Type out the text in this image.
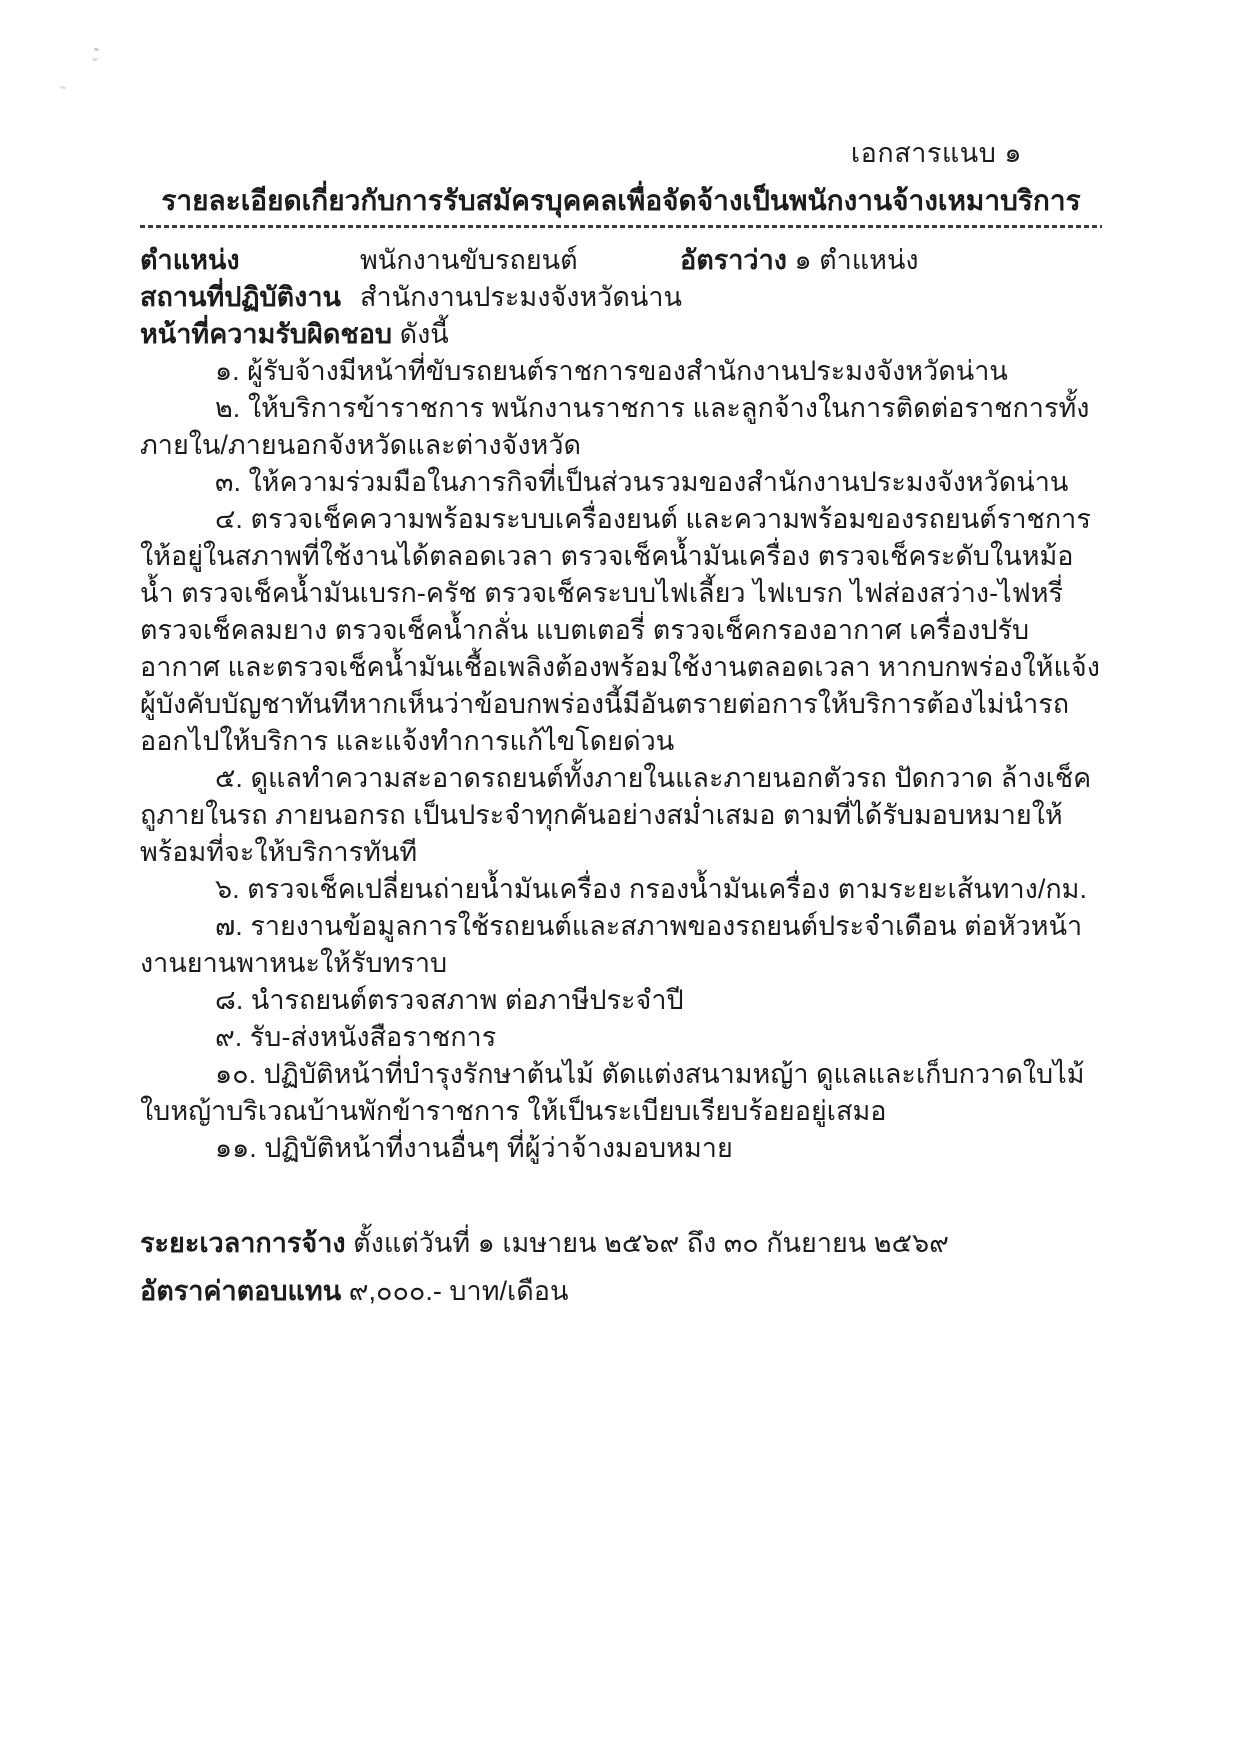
เอกสารแนบ ๑
รายละเอียดเกี่ยวกับการรับสมัครบุคคลเพื่อจัดจ้างเป็นพนักงานจ้างเหมาบริการ
ตำแหน่ง	พนักงานขับรถยนต์	อัตราว่าง ๑ ตำแหน่ง
สถานที่ปฏิบัติงาน สำนักงานประมงจังหวัดน่าน

หน้าที่ความรับผิดชอบ ดังนี้

๑. ผู้รับจ้างมีหน้าที่ขับรถยนต์ราชการของสำนักงานประมงจังหวัดน่าน

๒. ให้บริการข้าราชการ พนักงานราชการ และลูกจ้างในการติดต่อราชการทั้งภายใน/ภายนอกจังหวัดและต่างจังหวัด

๓. ให้ความร่วมมือในภารกิจที่เป็นส่วนรวมของสำนักงานประมงจังหวัดน่าน

๔. ตรวจเช็คความพร้อมระบบเครื่องยนต์ และความพร้อมของรถยนต์ราชการให้อยู่ในสภาพที่ใช้งานได้ตลอดเวลา ตรวจเช็คน้ำมันเครื่อง ตรวจเช็คระดับในหม้อน้ำ ตรวจเช็คน้ำมันเบรก-ครัช ตรวจเช็คระบบไฟเลี้ยว ไฟเบรก ไฟส่องสว่าง-ไฟหรี่ ตรวจเช็คลมยาง ตรวจเช็คน้ำกลั่น แบตเตอรี่ ตรวจเช็คกรองอากาศ เครื่องปรับอากาศ และตรวจเช็คน้ำมันเชื้อเพลิงต้องพร้อมใช้งานตลอดเวลา หากบกพร่องให้แจ้งผู้บังคับบัญชาทันทีหากเห็นว่าข้อบกพร่องนี้มีอันตรายต่อการให้บริการต้องไม่นำรถออกไปให้บริการ และแจ้งทำการแก้ไขโดยด่วน

๕. ดูแลทำความสะอาดรถยนต์ทั้งภายในและภายนอกตัวรถ ปัดกวาด ล้างเช็คถูภายในรถ ภายนอกรถ เป็นประจำทุกคันอย่างสม่ำเสมอ ตามที่ได้รับมอบหมายให้พร้อมที่จะให้บริการทันที

๖. ตรวจเช็คเปลี่ยนถ่ายน้ำมันเครื่อง กรองน้ำมันเครื่อง ตามระยะเส้นทาง/กม.

๗. รายงานข้อมูลการใช้รถยนต์และสภาพของรถยนต์ประจำเดือน ต่อหัวหน้างานยานพาหนะให้รับทราบ

๘. นำรถยนต์ตรวจสภาพ ต่อภาษีประจำปี

๙. รับ-ส่งหนังสือราชการ

๑๐. ปฏิบัติหน้าที่บำรุงรักษาต้นไม้ ตัดแต่งสนามหญ้า ดูแลและเก็บกวาดใบไม้ใบหญ้าบริเวณบ้านพักข้าราชการ ให้เป็นระเบียบเรียบร้อยอยู่เสมอ

๑๑. ปฏิบัติหน้าที่งานอื่นๆ ที่ผู้ว่าจ้างมอบหมาย

ระยะเวลาการจ้าง ตั้งแต่วันที่ ๑ เมษายน ๒๕๖๙ ถึง ๓๐ กันยายน ๒๕๖๙

อัตราค่าตอบแทน ๙,๐๐๐.- บาท/เดือน
